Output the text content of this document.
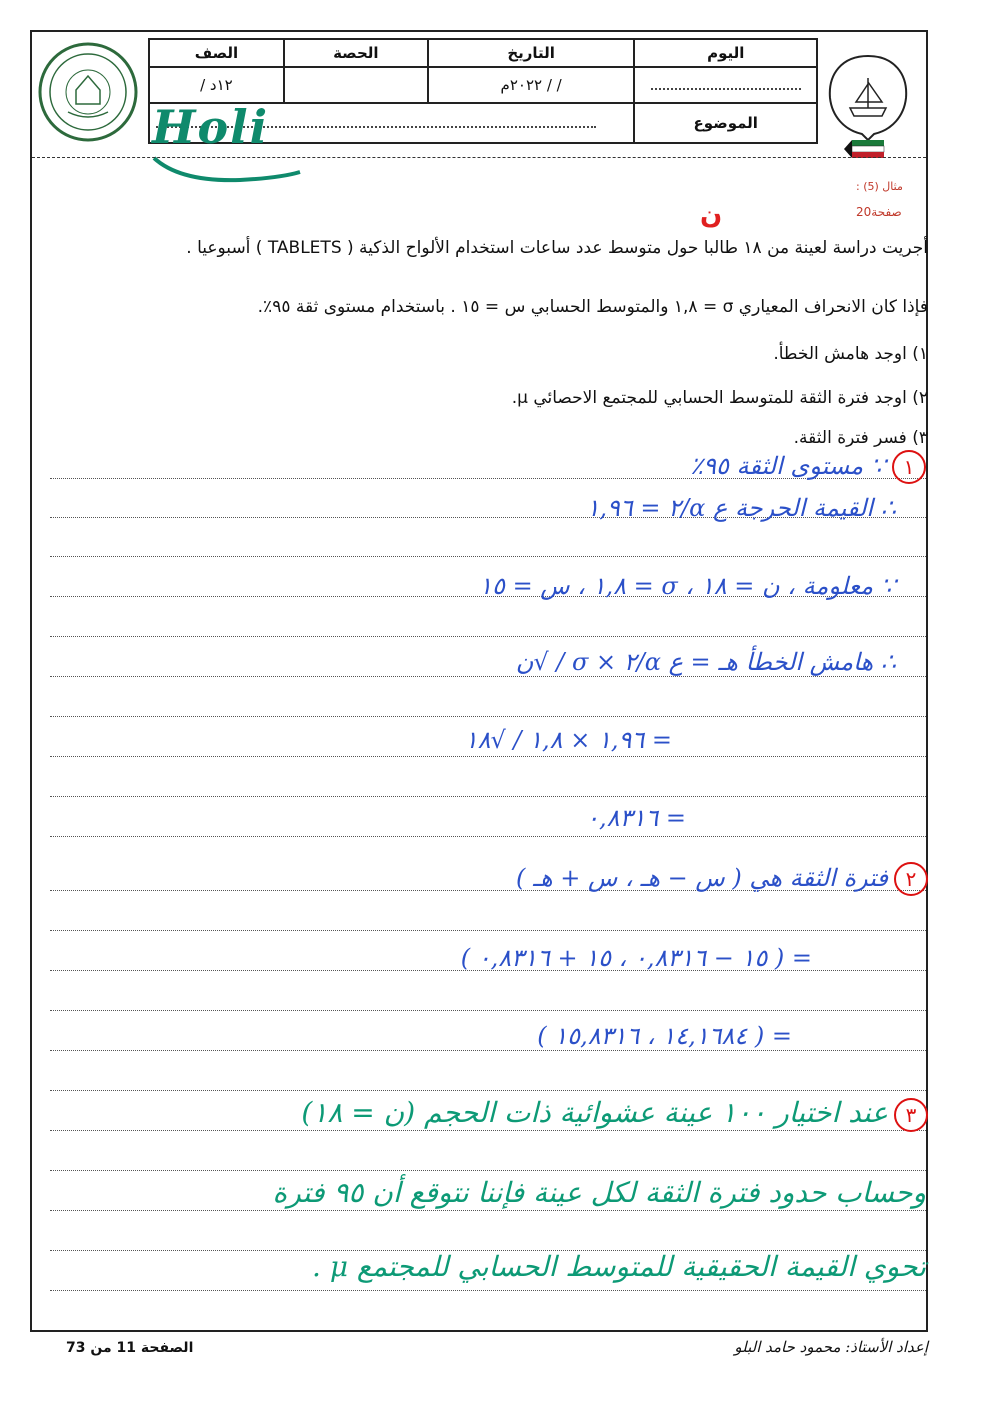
اليوم	التاريخ	الحصة	الصف
	/ / ٢٠٢٢م		١٢د /
الموضوع			
Holi
مثال (5) :
صفحة20
ن
أجريت دراسة لعينة من ١٨ طالبا حول متوسط عدد ساعات استخدام الألواح الذكية ( TABLETS ) أسبوعيا .
فإذا كان الانحراف المعياري σ = ١,٨ والمتوسط الحسابي س = ١٥ . باستخدام مستوى ثقة ٩٥٪.
١) اوجد هامش الخطأ.
٢) اوجد فترة الثقة للمتوسط الحسابي للمجتمع الاحصائي μ.
٣) فسر فترة الثقة.
١∵ مستوى الثقة ٩٥٪
∴ القيمة الحرجة ع α/٢ = ١,٩٦
∵ معلومة ، ن = ١٨ ، σ = ١,٨ ، س = ١٥
∴ هامش الخطأ هـ = ع α/٢ × σ / √ن
= ١,٩٦ × ١,٨ / √١٨
= ٠,٨٣١٦
٢فترة الثقة هي ( س − هـ ، س + هـ )
= ( ١٥ − ٠,٨٣١٦ ، ١٥ + ٠,٨٣١٦ )
= ( ١٤,١٦٨٤ ، ١٥,٨٣١٦ )
٣عند اختيار ١٠٠ عينة عشوائية ذات الحجم (ن = ١٨)
وحساب حدود فترة الثقة لكل عينة فإننا نتوقع أن ٩٥ فترة
تحوي القيمة الحقيقية للمتوسط الحسابي للمجتمع μ .
إعداد الأستاذ: محمود حامد البلو
الصفحة 11 من 73
